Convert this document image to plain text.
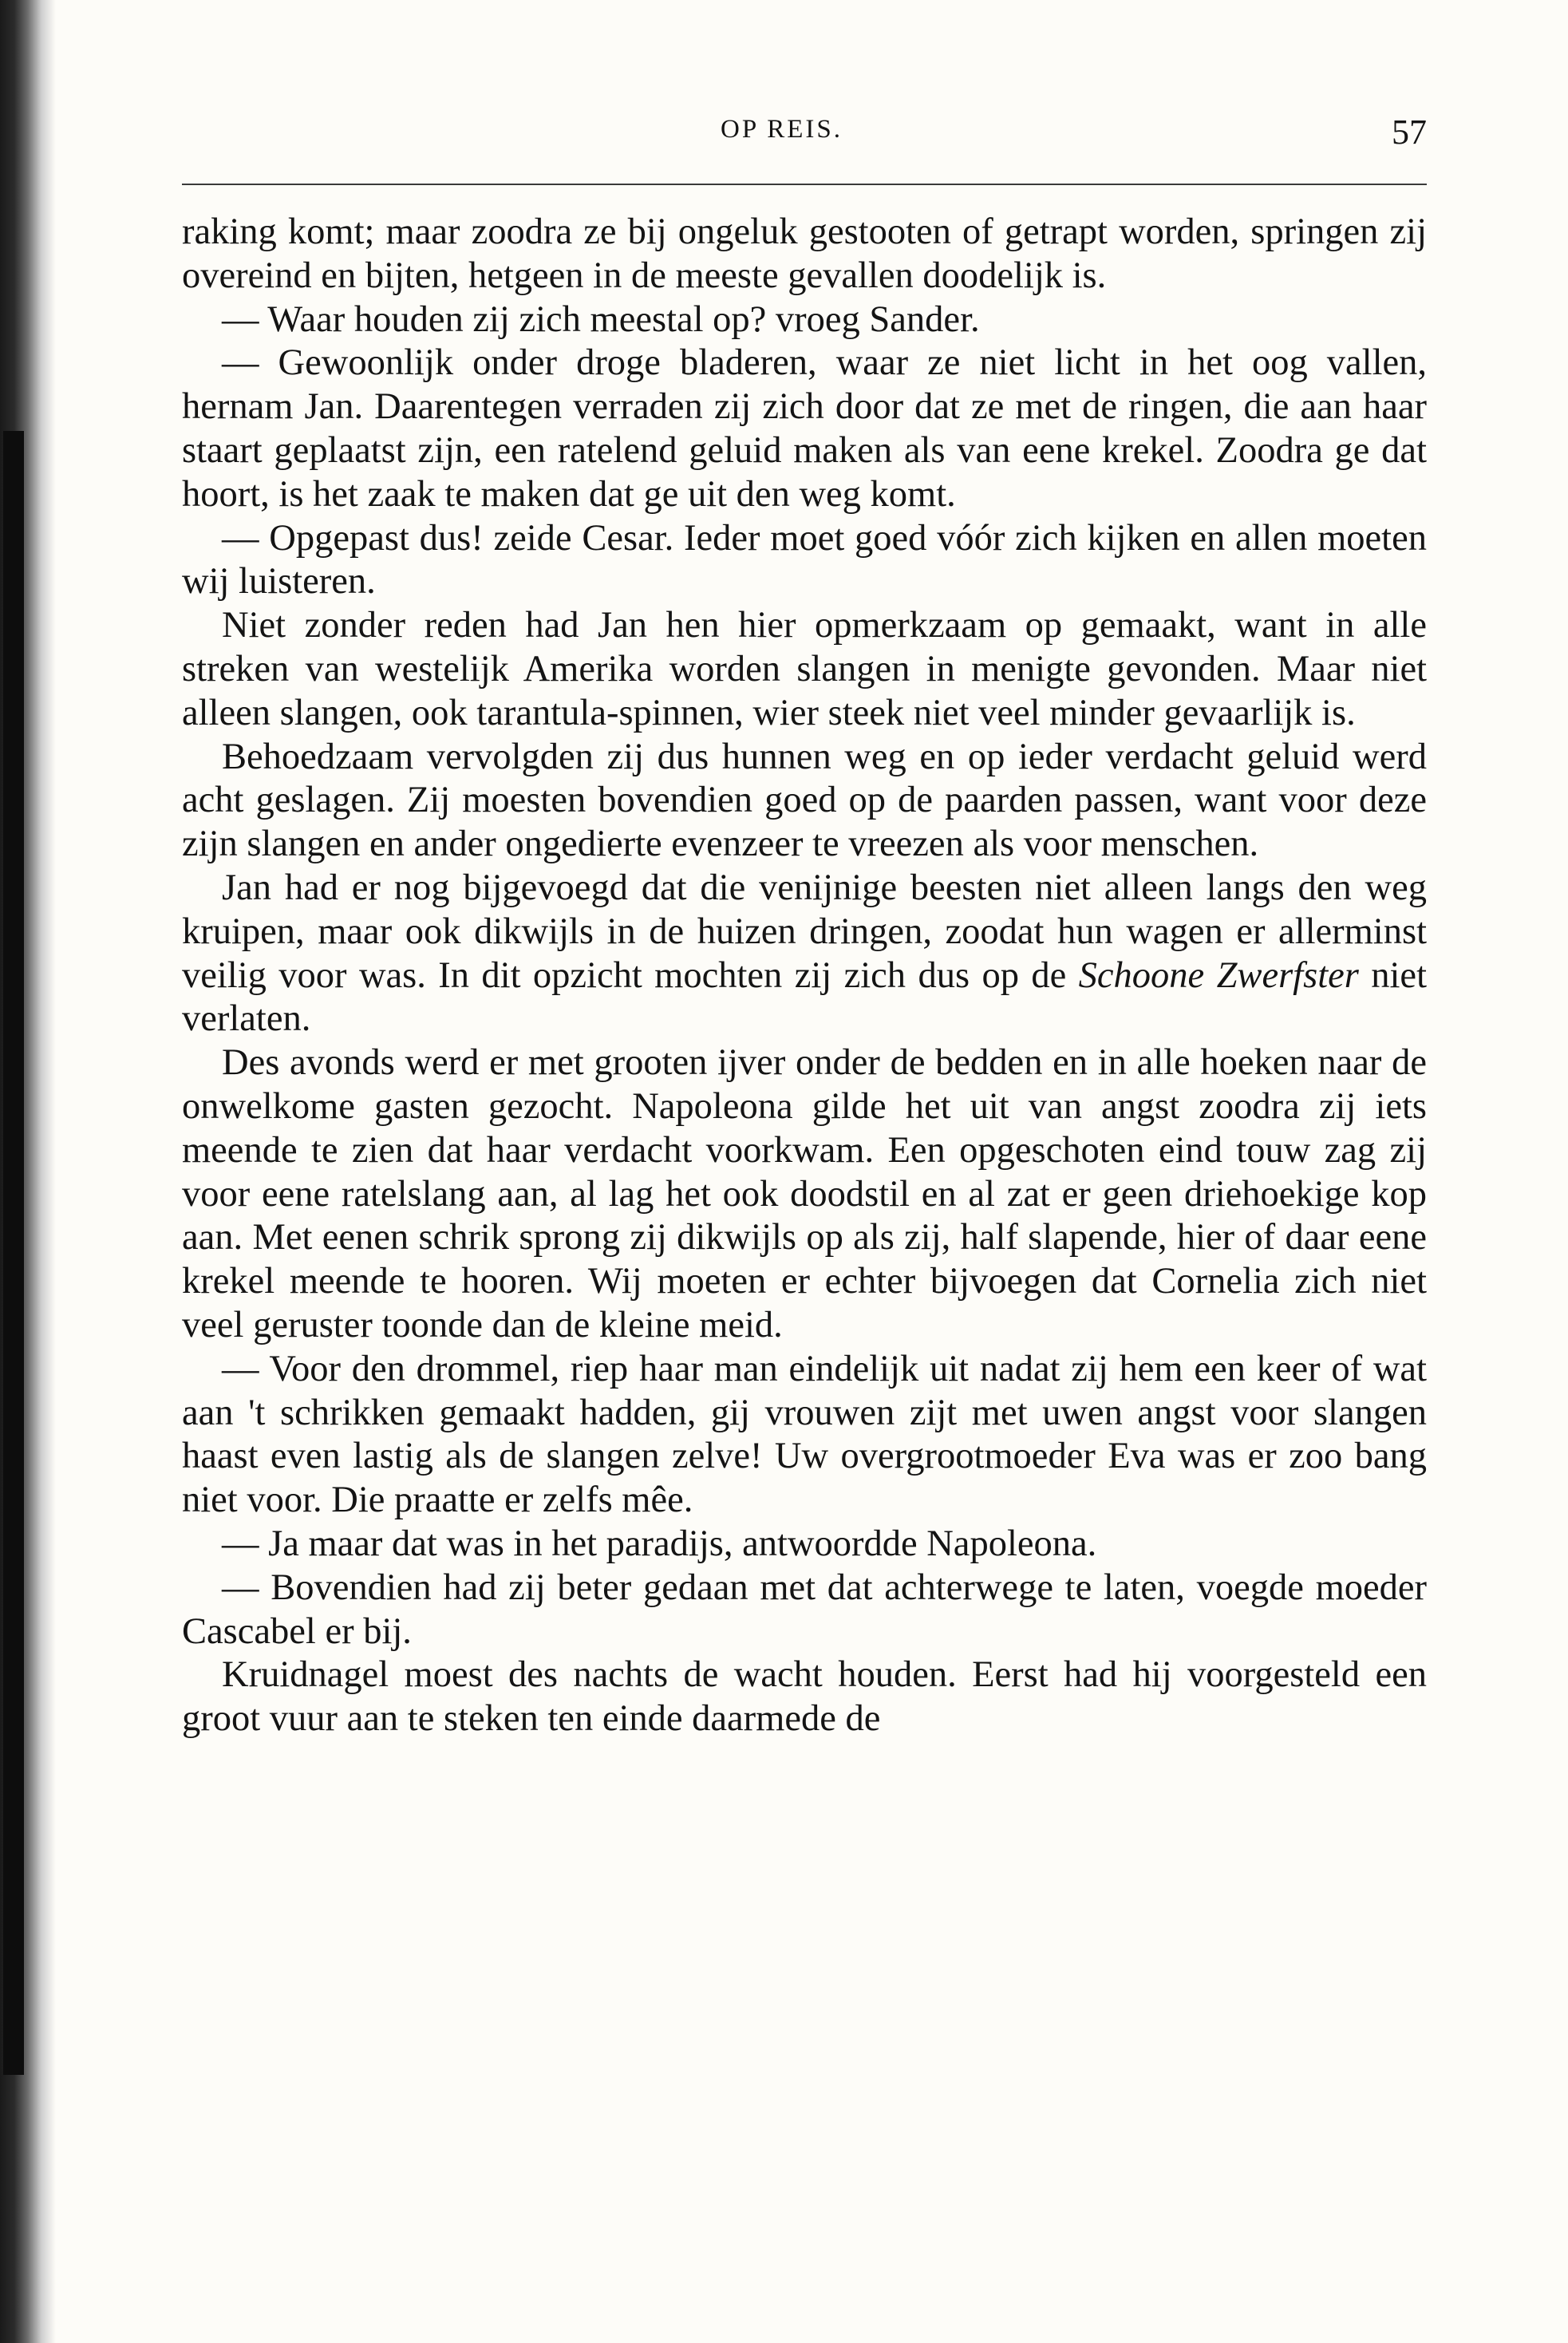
OP REIS.	57

raking komt; maar zoodra ze bij ongeluk gestooten of getrapt worden, springen zij overeind en bijten, hetgeen in de meeste gevallen doodelijk is.

— Waar houden zij zich meestal op? vroeg Sander.

— Gewoonlijk onder droge bladeren, waar ze niet licht in het oog vallen, hernam Jan. Daarentegen verraden zij zich door dat ze met de ringen, die aan haar staart geplaatst zijn, een ratelend geluid maken als van eene krekel. Zoodra ge dat hoort, is het zaak te maken dat ge uit den weg komt.

— Opgepast dus! zeide Cesar. Ieder moet goed vóór zich kijken en allen moeten wij luisteren.

Niet zonder reden had Jan hen hier opmerkzaam op gemaakt, want in alle streken van westelijk Amerika worden slangen in menigte gevonden. Maar niet alleen slangen, ook tarantula-spinnen, wier steek niet veel minder gevaarlijk is.

Behoedzaam vervolgden zij dus hunnen weg en op ieder verdacht geluid werd acht geslagen. Zij moesten bovendien goed op de paarden passen, want voor deze zijn slangen en ander ongedierte evenzeer te vreezen als voor menschen.

Jan had er nog bijgevoegd dat die venijnige beesten niet alleen langs den weg kruipen, maar ook dikwijls in de huizen dringen, zoodat hun wagen er allerminst veilig voor was. In dit opzicht mochten zij zich dus op de Schoone Zwerfster niet verlaten.

Des avonds werd er met grooten ijver onder de bedden en in alle hoeken naar de onwelkome gasten gezocht. Napoleona gilde het uit van angst zoodra zij iets meende te zien dat haar verdacht voorkwam. Een opgeschoten eind touw zag zij voor eene ratelslang aan, al lag het ook doodstil en al zat er geen driehoekige kop aan. Met eenen schrik sprong zij dikwijls op als zij, half slapende, hier of daar eene krekel meende te hooren. Wij moeten er echter bijvoegen dat Cornelia zich niet veel geruster toonde dan de kleine meid.

— Voor den drommel, riep haar man eindelijk uit nadat zij hem een keer of wat aan 't schrikken gemaakt hadden, gij vrouwen zijt met uwen angst voor slangen haast even lastig als de slangen zelve! Uw overgrootmoeder Eva was er zoo bang niet voor. Die praatte er zelfs mêe.

— Ja maar dat was in het paradijs, antwoordde Napoleona.

— Bovendien had zij beter gedaan met dat achterwege te laten, voegde moeder Cascabel er bij.

Kruidnagel moest des nachts de wacht houden. Eerst had hij voorgesteld een groot vuur aan te steken ten einde daarmede de
